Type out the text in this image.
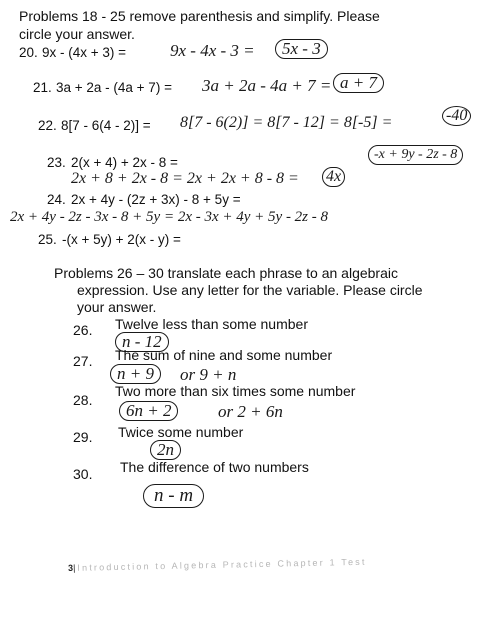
Problems 18 - 25 remove parenthesis and simplify. Please
circle your answer.
20. 9x - (4x + 3) =	9x - 4x - 3 =	5x - 3
21. 3a + 2a - (4a + 7) = 3a + 2a - 4a + 7 = a + 7
22. 8[7 - 6(4 - 2)] = 8[7 - 6(2)] = 8[7 - 12] = 8[-5] =	-40
23. 2(x + 4) + 2x - 8 =
2x + 8 + 2x - 8 = 2x + 2x + 8 - 8 = 4x
-x + 9y - 2z - 8
24. 2x + 4y - (2z + 3x) - 8 + 5y =
2x + 4y - 2z - 3x - 8 + 5y = 2x - 3x + 4y + 5y - 2z - 8
25. -(x + 5y) + 2(x - y) =
Problems 26 – 30 translate each phrase to an algebraic
expression. Use any letter for the variable. Please circle
your answer.
26. Twelve less than some number
n - 12
27. The sum of nine and some number
n + 9	or 9 + n
28.
Two more than six times some number
6n + 2	or 2 + 6n
29. Twice some number
2n
30. The difference of two numbers
n - m
3| Introduction to Algebra Practice Chapter 1 Test
